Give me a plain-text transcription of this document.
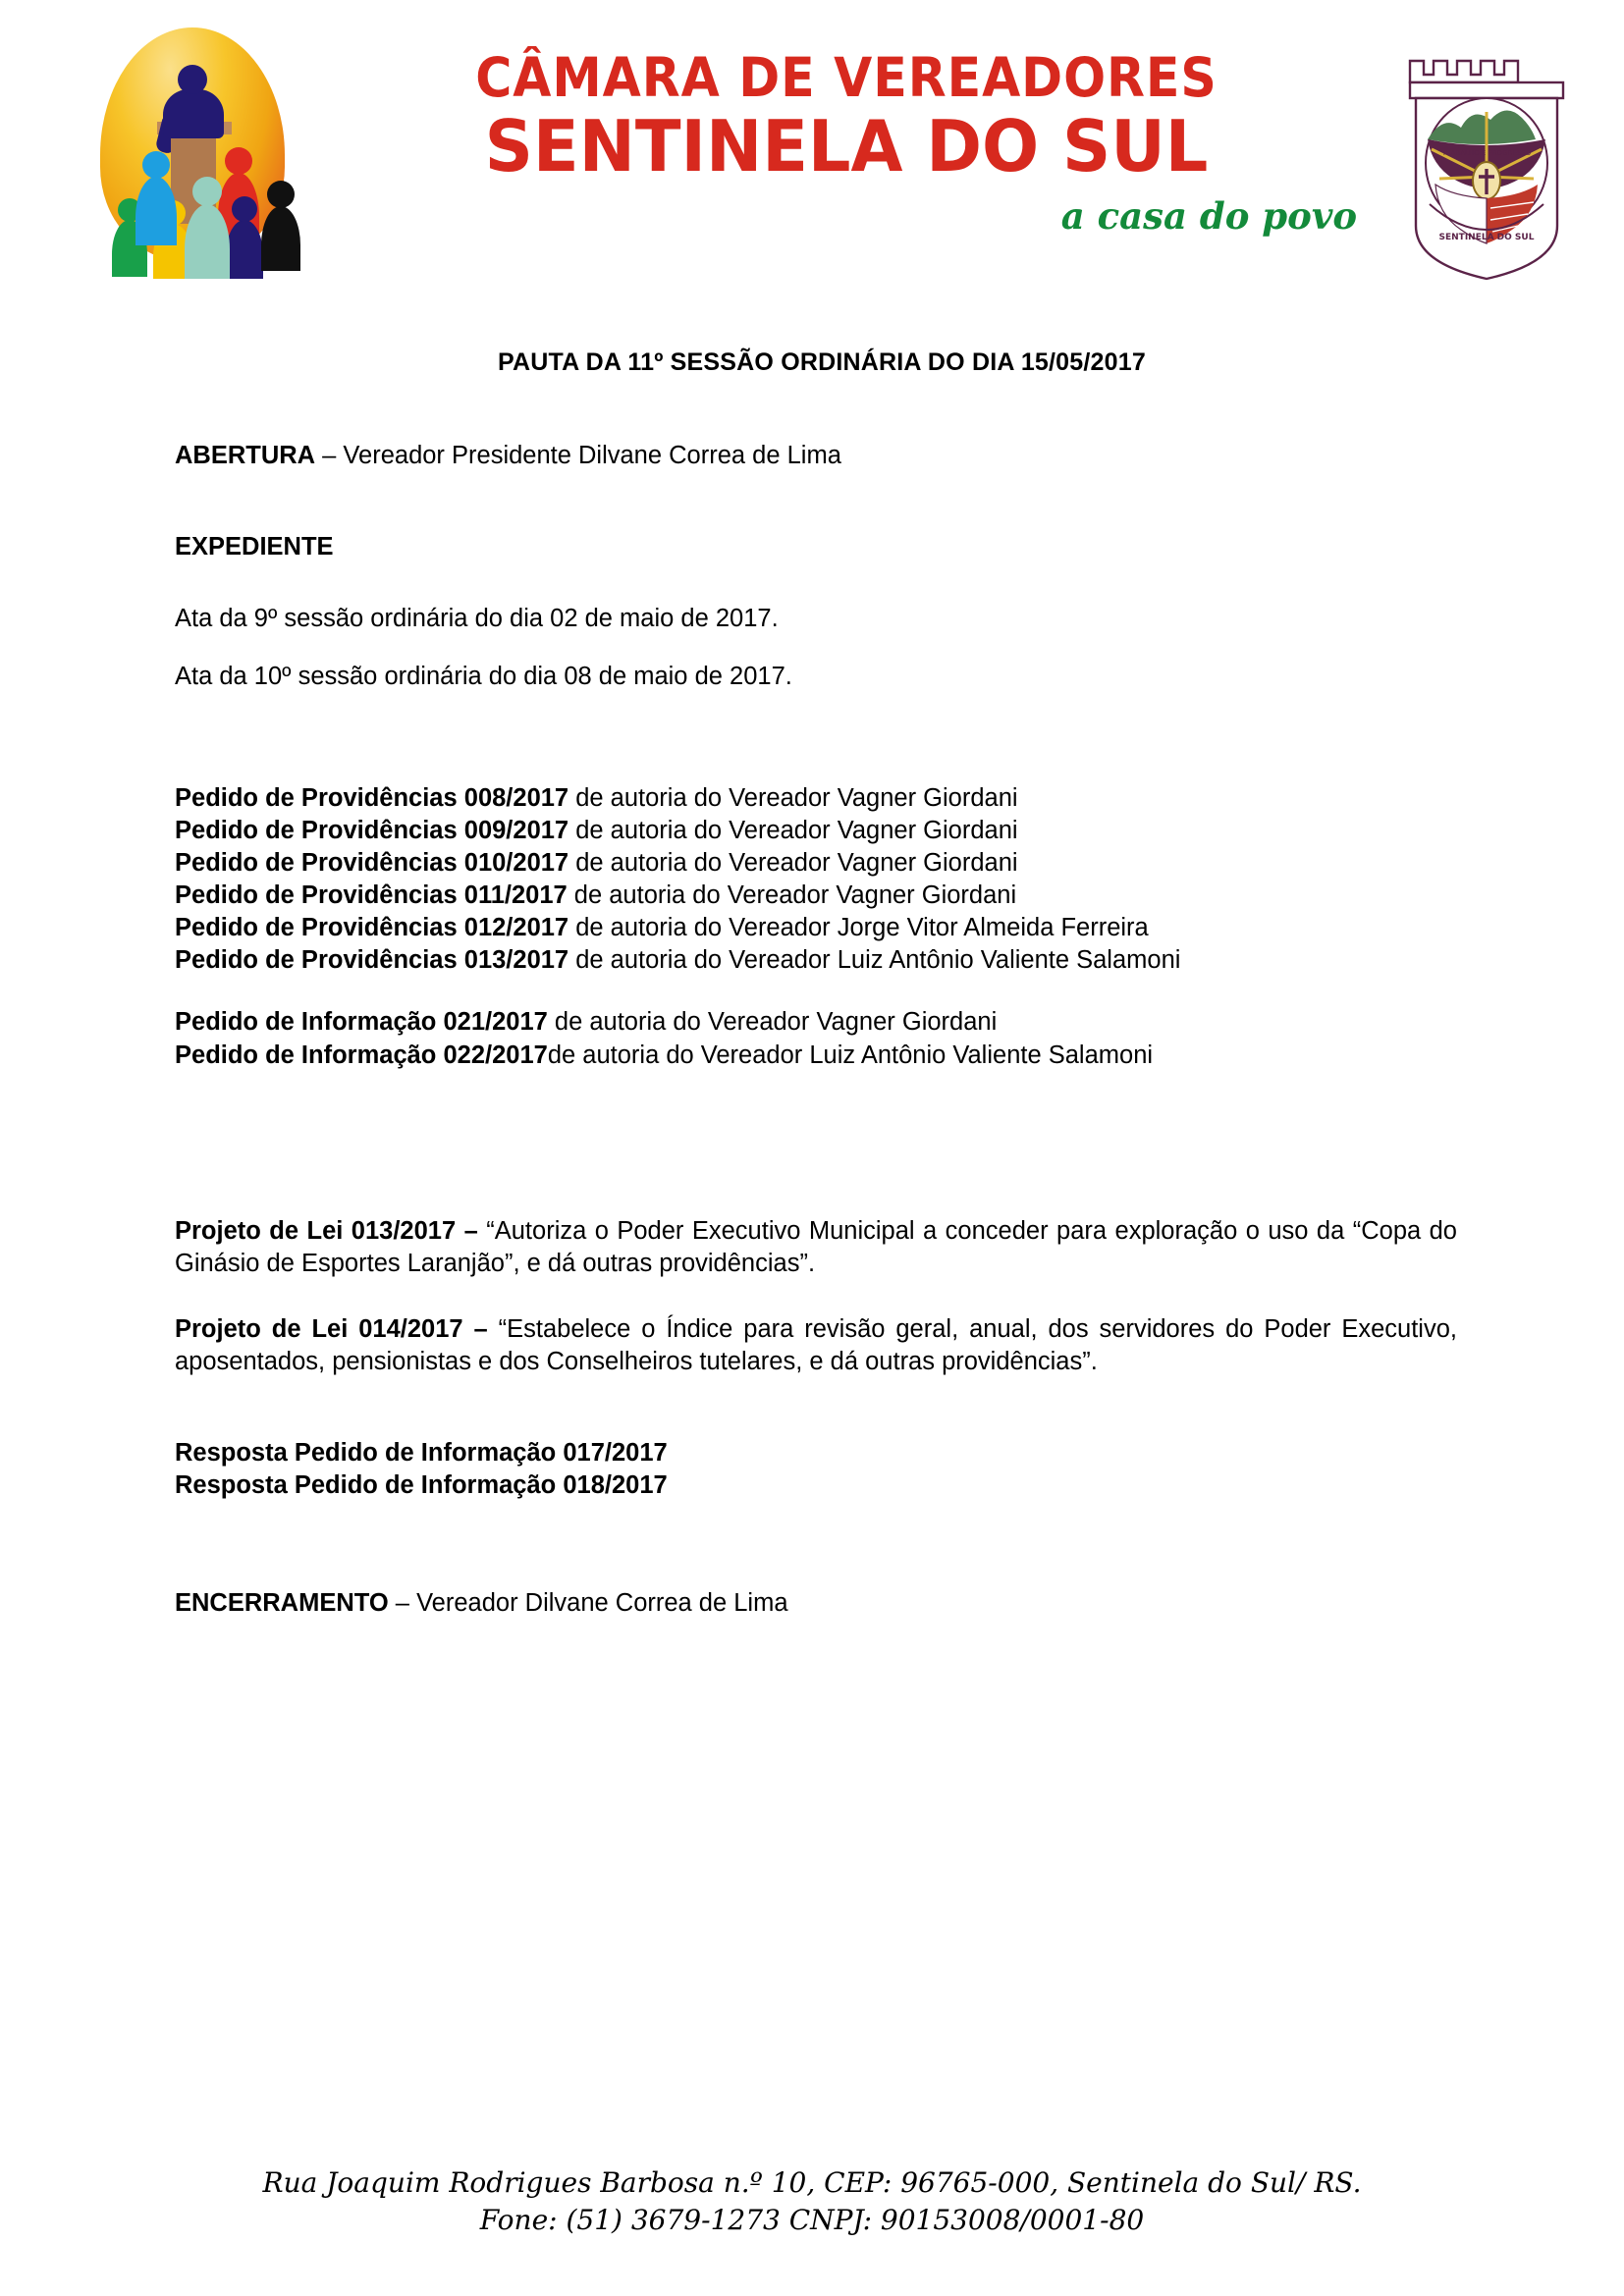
CÂMARA DE VEREADORES
SENTINELA DO SUL
a casa do povo	SENTINELA DO SUL
TRABALHO E PROGRESSO
PAUTA DA 11º SESSÃO ORDINÁRIA DO DIA 15/05/2017
ABERTURA – Vereador Presidente Dilvane Correa de Lima
EXPEDIENTE
Ata da 9º sessão ordinária do dia 02 de maio de 2017.
Ata da 10º sessão ordinária do dia 08 de maio de 2017.
Pedido de Providências 008/2017 de autoria do Vereador Vagner Giordani
Pedido de Providências 009/2017 de autoria do Vereador Vagner Giordani
Pedido de Providências 010/2017 de autoria do Vereador Vagner Giordani
Pedido de Providências 011/2017 de autoria do Vereador Vagner Giordani
Pedido de Providências 012/2017 de autoria do Vereador Jorge Vitor Almeida Ferreira
Pedido de Providências 013/2017 de autoria do Vereador Luiz Antônio Valiente Salamoni
Pedido de Informação 021/2017 de autoria do Vereador Vagner Giordani
Pedido de Informação 022/2017de autoria do Vereador Luiz Antônio Valiente Salamoni
Projeto de Lei 013/2017 – “Autoriza o Poder Executivo Municipal a conceder para exploração o uso da “Copa do Ginásio de Esportes Laranjão”, e dá outras providências”.
Projeto de Lei 014/2017 – “Estabelece o Índice para revisão geral, anual, dos servidores do Poder Executivo, aposentados, pensionistas e dos Conselheiros tutelares, e dá outras providências”.
Resposta Pedido de Informação 017/2017
Resposta Pedido de Informação 018/2017
ENCERRAMENTO – Vereador Dilvane Correa de Lima
Rua Joaquim Rodrigues Barbosa n.º 10, CEP: 96765-000, Sentinela do Sul/ RS.
Fone: (51) 3679-1273 CNPJ: 90153008/0001-80
